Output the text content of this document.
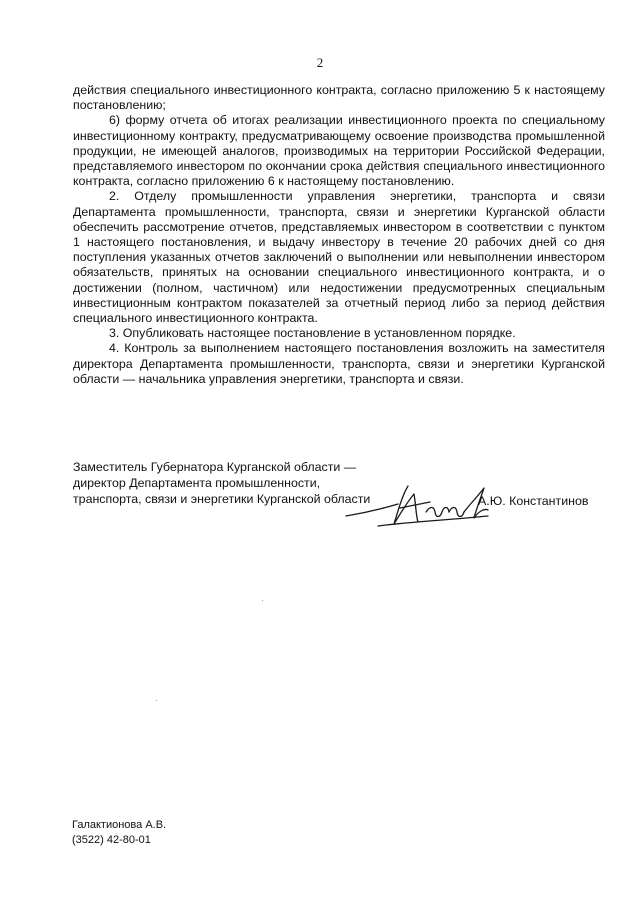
2

действия специального инвестиционного контракта, согласно приложению 5 к настоящему постановлению;

6) форму отчета об итогах реализации инвестиционного проекта по специальному инвестиционному контракту, предусматривающему освоение производства промышленной продукции, не имеющей аналогов, производимых на территории Российской Федерации, представляемого инвестором по окончании срока действия специального инвестиционного контракта, согласно приложению 6 к настоящему постановлению.

2. Отделу промышленности управления энергетики, транспорта и связи Департамента промышленности, транспорта, связи и энергетики Курганской области обеспечить рассмотрение отчетов, представляемых инвестором в соответствии с пунктом 1 настоящего постановления, и выдачу инвестору в течение 20 рабочих дней со дня поступления указанных отчетов заключений о выполнении или невыполнении инвестором обязательств, принятых на основании специального инвестиционного контракта, и о достижении (полном, частичном) или недостижении предусмотренных специальным инвестиционным контрактом показателей за отчетный период либо за период действия специального инвестиционного контракта.

3. Опубликовать настоящее постановление в установленном порядке.

4. Контроль за выполнением настоящего постановления возложить на заместителя директора Департамента промышленности, транспорта, связи и энергетики Курганской области — начальника управления энергетики, транспорта и связи.

Заместитель Губернатора Курганской области —
директор Департамента промышленности,
транспорта, связи и энергетики Курганской области	А.Ю. Константинов
Галактионова А.В.
(3522) 42-80-01
